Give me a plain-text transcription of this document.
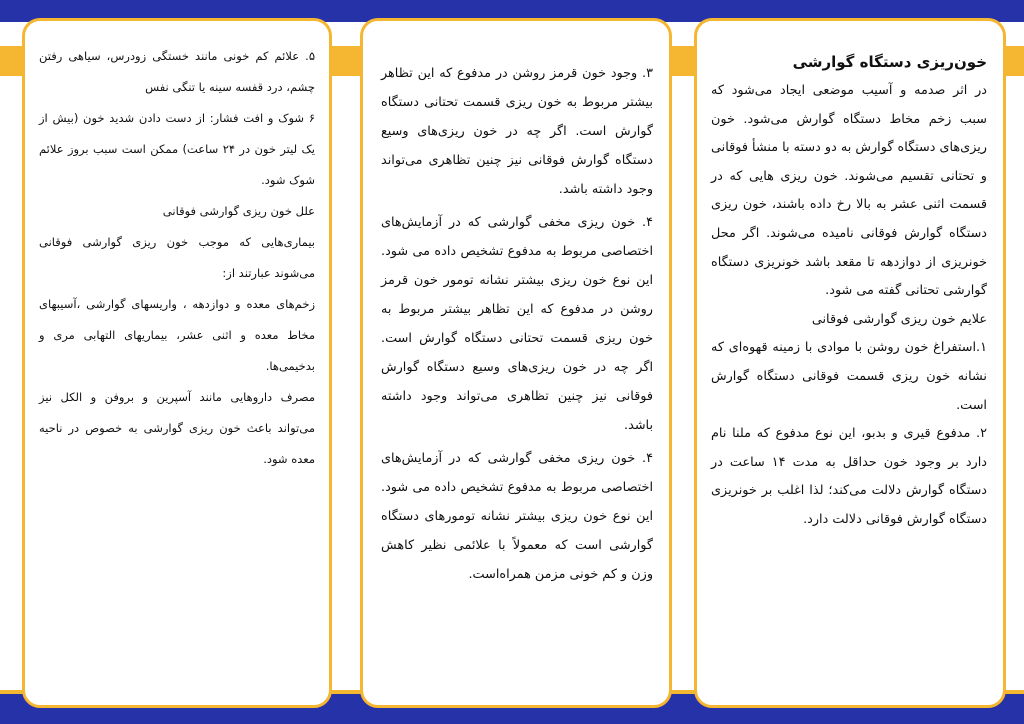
۵. علائم کم خونی مانند خستگی زودرس، سیاهی رفتن چشم، درد قفسه سینه یا تنگی نفس

۶ شوک و افت فشار: از دست دادن شدید خون (بیش از یک لیتر خون در ۲۴ ساعت) ممکن است سبب بروز علائم شوک شود.

علل خون ریزی گوارشی فوقانی

بیماری‌هایی که موجب خون ریزی گوارشی فوقانی می‌شوند عبارتند از:

زخم‌های معده و دوازدهه ، واریسهای گوارشی ،آسیبهای مخاط معده و اثنی عشر، بیماریهای التهابی مری و بدخیمی‌ها.

مصرف داروهایی مانند آسپرین و بروفن و الکل نیز می‌تواند باعث خون ریزی گوارشی به خصوص در ناحیه معده شود.

۳. وجود خون قرمز روشن در مدفوع که این تظاهر بیشتر مربوط به خون ریزی قسمت تحتانی دستگاه گوارش است. اگر چه در خون ریزی‌های وسیع دستگاه گوارش فوقانی نیز چنین تظاهری می‌تواند وجود داشته باشد.

۴. خون ریزی مخفی گوارشی که در آزمایش‌های اختصاصی مربوط به مدفوع تشخیص داده می شود. این نوع خون ریزی بیشتر نشانه تومور خون قرمز روشن در مدفوع که این تظاهر بیشتر مربوط به خون ریزی قسمت تحتانی دستگاه گوارش است. اگر چه در خون ریزی‌های وسیع دستگاه گوارش فوقانی نیز چنین تظاهری می‌تواند وجود داشته باشد.

۴. خون ریزی مخفی گوارشی که در آزمایش‌های اختصاصی مربوط به مدفوع تشخیص داده می شود. این نوع خون ریزی بیشتر نشانه تومورهای دستگاه گوارشی است که معمولاً با علائمی نظیر کاهش وزن و کم خونی مزمن همراه‌است.

خون‌ریزی دستگاه گوارشی

در اثر صدمه و آسیب موضعی ایجاد می‌شود که سبب زخم مخاط دستگاه گوارش می‌شود. خون ریزی‌های دستگاه گوارش به دو دسته با منشأ فوقانی و تحتانی تقسیم می‌شوند. خون ریزی هایی که در قسمت اثنی عشر به بالا رخ داده باشند، خون ریزی دستگاه گوارش فوقانی نامیده می‌شوند. اگر محل خونریزی از دوازدهه تا مقعد باشد خونریزی دستگاه گوارشی تحتانی گفته می شود.

علایم خون ریزی گوارشی فوقانی

۱.استفراغ خون روشن با موادی با زمینه قهوه‌ای که نشانه خون ریزی قسمت فوقانی دستگاه گوارش است.

۲. مدفوع قیری و بدبو، این نوع مدفوع که ملنا نام دارد بر وجود خون حداقل به مدت ۱۴ ساعت در دستگاه گوارش دلالت می‌کند؛ لذا اغلب بر خونریزی دستگاه گوارش فوقانی دلالت دارد.
